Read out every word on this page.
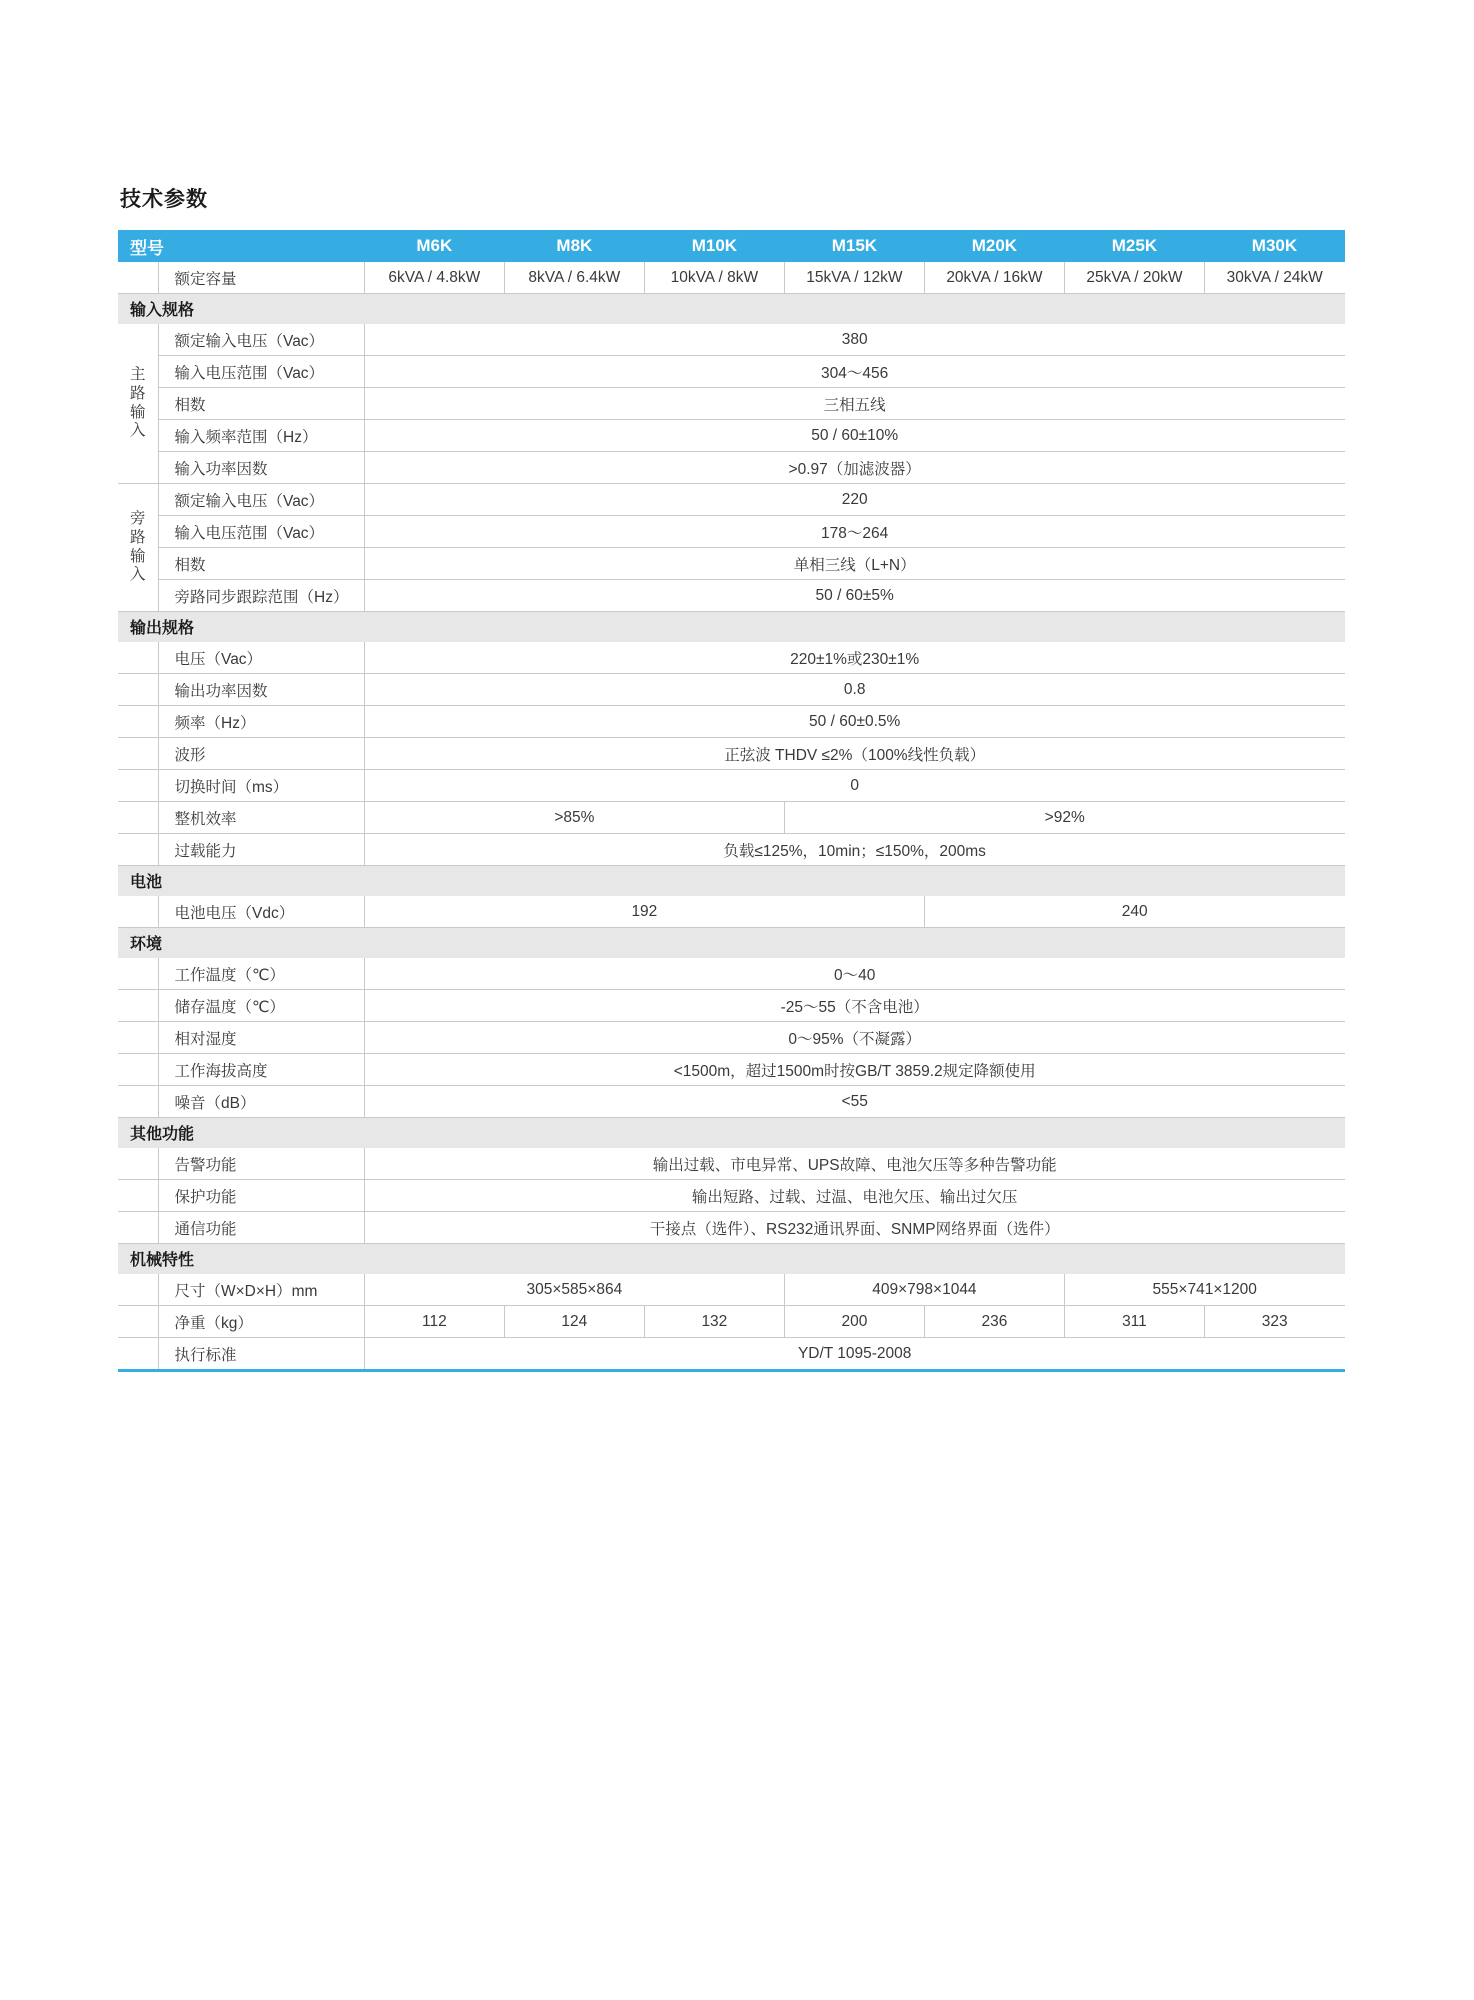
技术参数
型号		M6K	M8K	M10K	M15K	M20K	M25K	M30K
	额定容量	6kVA / 4.8kW	8kVA / 6.4kW	10kVA / 8kW	15kVA / 12kW	20kVA / 16kW	25kVA / 20kW	30kVA / 24kW
输入规格								

主
路
输
入	额定输入电压（Vac）	380						
	输入电压范围（Vac）	304～456						
	相数	三相五线						
	输入频率范围（Hz）	50 / 60±10%						
	输入功率因数	>0.97（加滤波器）						

旁
路
输
入	额定输入电压（Vac）	220						
	输入电压范围（Vac）	178～264						
	相数	单相三线（L+N）						
	旁路同步跟踪范围（Hz）	50 / 60±5%						
输出规格								
	电压（Vac）	220±1%或230±1%						
	输出功率因数	0.8						
	频率（Hz）	50 / 60±0.5%						
	波形	正弦波 THDV ≤2%（100%线性负载）						
	切换时间（ms）	0						
	整机效率	>85%			>92%			
	过载能力	负载≤125%，10min；≤150%，200ms						
电池								
	电池电压（Vdc）	192				240		
环境								
	工作温度（℃）	0～40						
	储存温度（℃）	-25～55（不含电池）						
	相对湿度	0～95%（不凝露）						
	工作海拔高度	<1500m，超过1500m时按GB/T 3859.2规定降额使用						
	噪音（dB）	<55						
其他功能								
	告警功能	输出过载、市电异常、UPS故障、电池欠压等多种告警功能						
	保护功能	输出短路、过载、过温、电池欠压、输出过欠压						
	通信功能	干接点（选件）、RS232通讯界面、SNMP网络界面（选件）						
机械特性								
	尺寸（W×D×H）mm	305×585×864			409×798×1044		555×741×1200	
	净重（kg）	112	124	132	200	236	311	323
	执行标准	YD/T 1095-2008						
